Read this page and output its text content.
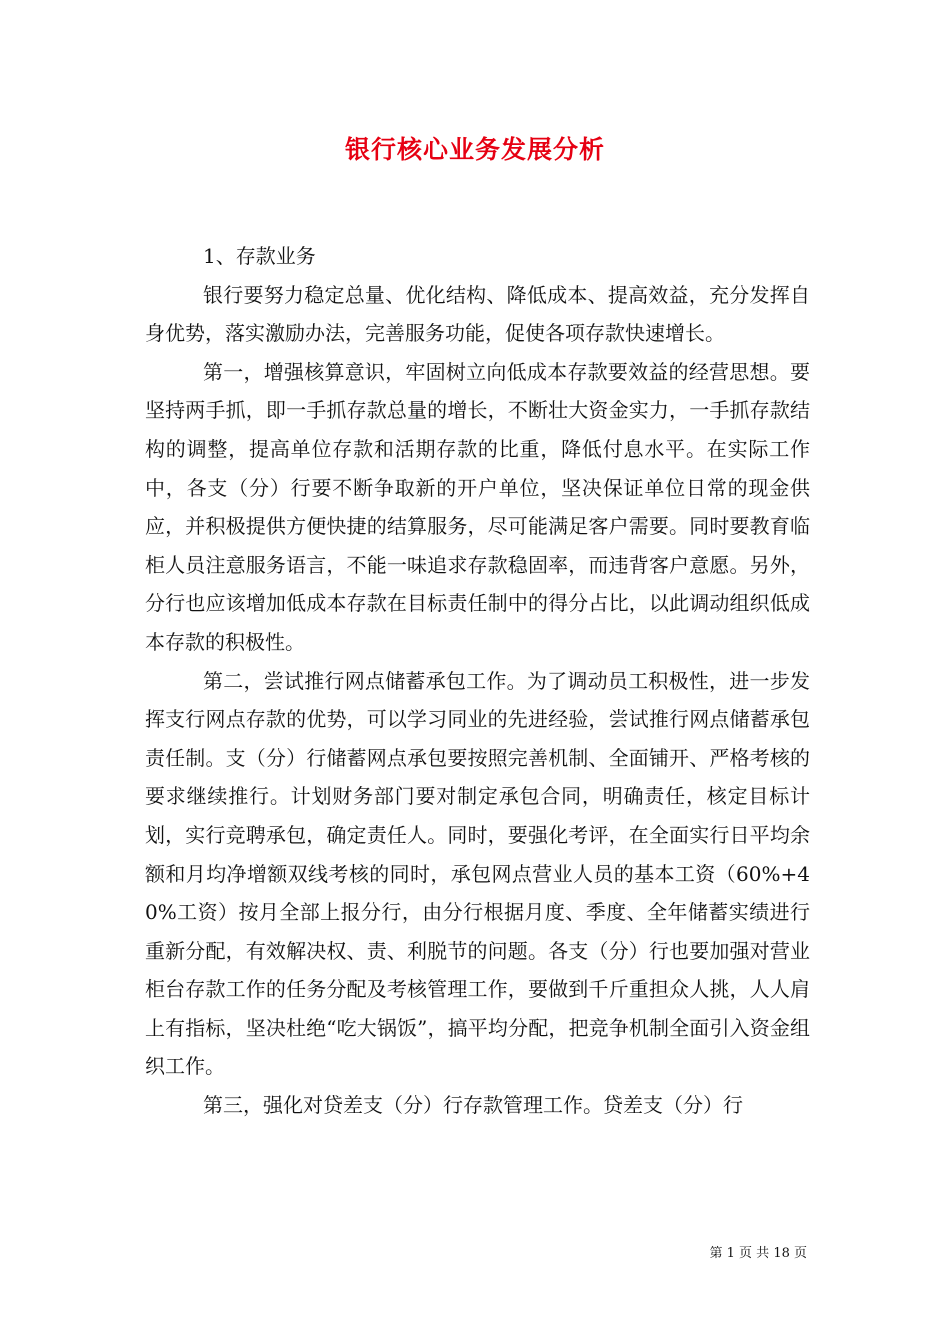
银行核心业务发展分析

1、存款业务

银行要努力稳定总量、优化结构、降低成本、提高效益，充分发挥自身优势，落实激励办法，完善服务功能，促使各项存款快速增长。

第一，增强核算意识，牢固树立向低成本存款要效益的经营思想。要坚持两手抓，即一手抓存款总量的增长，不断壮大资金实力，一手抓存款结构的调整，提高单位存款和活期存款的比重，降低付息水平。在实际工作中，各支（分）行要不断争取新的开户单位，坚决保证单位日常的现金供应，并积极提供方便快捷的结算服务，尽可能满足客户需要。同时要教育临柜人员注意服务语言，不能一味追求存款稳固率，而违背客户意愿。另外，分行也应该增加低成本存款在目标责任制中的得分占比，以此调动组织低成本存款的积极性。

第二，尝试推行网点储蓄承包工作。为了调动员工积极性，进一步发挥支行网点存款的优势，可以学习同业的先进经验，尝试推行网点储蓄承包责任制。支（分）行储蓄网点承包要按照完善机制、全面铺开、严格考核的要求继续推行。计划财务部门要对制定承包合同，明确责任，核定目标计划，实行竞聘承包，确定责任人。同时，要强化考评，在全面实行日平均余额和月均净增额双线考核的同时，承包网点营业人员的基本工资（60%+40%工资）按月全部上报分行，由分行根据月度、季度、全年储蓄实绩进行重新分配，有效解决权、责、利脱节的问题。各支（分）行也要加强对营业柜台存款工作的任务分配及考核管理工作，要做到千斤重担众人挑，人人肩上有指标，坚决杜绝“吃大锅饭”，搞平均分配，把竞争机制全面引入资金组织工作。

第三，强化对贷差支（分）行存款管理工作。贷差支（分）行

第 1 页 共 18 页
